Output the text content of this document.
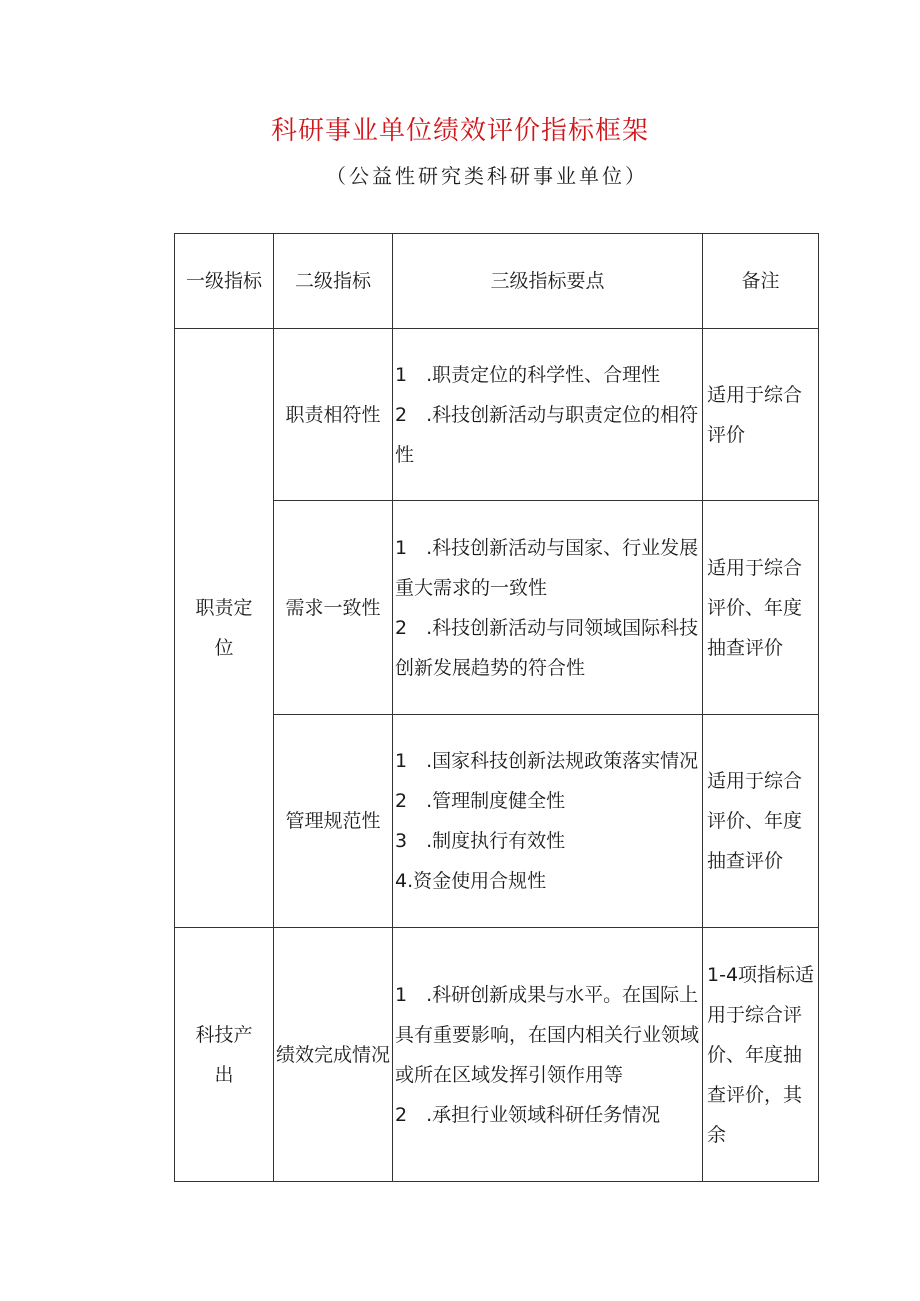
科研事业单位绩效评价指标框架
（公益性研究类科研事业单位）
一级指标	二级指标	三级指标要点	备注
职责定位	职责相符性	1　.职责定位的科学性、合理性
2　.科技创新活动与职责定位的相符性	适用于综合评价
	需求一致性	1　.科技创新活动与国家、行业发展重大需求的一致性
2　.科技创新活动与同领域国际科技创新发展趋势的符合性	适用于综合评价、年度抽查评价
	管理规范性	1　.国家科技创新法规政策落实情况
2　.管理制度健全性
3　.制度执行有效性
4.资金使用合规性	适用于综合评价、年度抽查评价
科技产出	绩效完成情况	1　.科研创新成果与水平。在国际上具有重要影响，在国内相关行业领域或所在区域发挥引领作用等
2　.承担行业领域科研任务情况	1-4项指标适用于综合评价、年度抽查评价，其余
